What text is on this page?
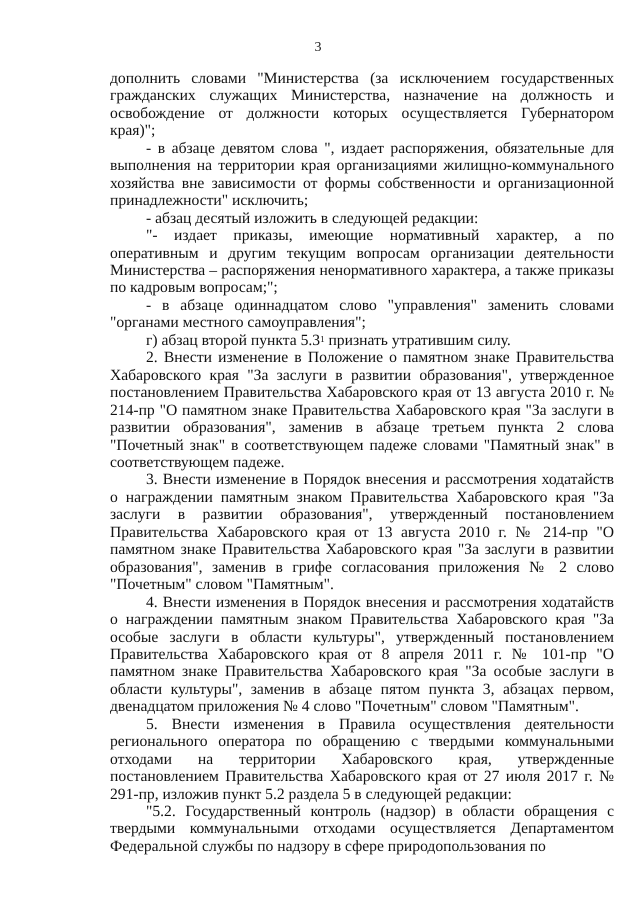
3

дополнить словами "Министерства (за исключением государственных гражданских служащих Министерства, назначение на должность и освобождение от должности которых осуществляется Губернатором края)";

- в абзаце девятом слова ", издает распоряжения, обязательные для выполнения на территории края организациями жилищно-коммунального хозяйства вне зависимости от формы собственности и организационной принадлежности" исключить;

- абзац десятый изложить в следующей редакции:

"- издает приказы, имеющие нормативный характер, а по оперативным и другим текущим вопросам организации деятельности Министерства – распоряжения ненормативного характера, а также приказы по кадровым вопросам;";

- в абзаце одиннадцатом слово "управления" заменить словами "органами местного самоуправления";

г) абзац второй пункта $5.3^1$ признать утратившим силу.

2. Внести изменение в Положение о памятном знаке Правительства Хабаровского края "За заслуги в развитии образования", утвержденное постановлением Правительства Хабаровского края от 13 августа 2010 г. № 214-пр "О памятном знаке Правительства Хабаровского края "За заслуги в развитии образования", заменив в абзаце третьем пункта 2 слова "Почетный знак" в соответствующем падеже словами "Памятный знак" в соответствующем падеже.

3. Внести изменение в Порядок внесения и рассмотрения ходатайств о награждении памятным знаком Правительства Хабаровского края "За заслуги в развитии образования", утвержденный постановлением Правительства Хабаровского края от 13 августа 2010 г. № 214-пр "О памятном знаке Правительства Хабаровского края "За заслуги в развитии образования", заменив в грифе согласования приложения № 2 слово "Почетным" словом "Памятным".

4. Внести изменения в Порядок внесения и рассмотрения ходатайств о награждении памятным знаком Правительства Хабаровского края "За особые заслуги в области культуры", утвержденный постановлением Правительства Хабаровского края от 8 апреля 2011 г. № 101-пр "О памятном знаке Правительства Хабаровского края "За особые заслуги в области культуры", заменив в абзаце пятом пункта 3, абзацах первом, двенадцатом приложения № 4 слово "Почетным" словом "Памятным".

5. Внести изменения в Правила осуществления деятельности регионального оператора по обращению с твердыми коммунальными отходами на территории Хабаровского края, утвержденные постановлением Правительства Хабаровского края от 27 июля 2017 г. № 291-пр, изложив пункт 5.2 раздела 5 в следующей редакции:

"5.2. Государственный контроль (надзор) в области обращения с твердыми коммунальными отходами осуществляется Департаментом Федеральной службы по надзору в сфере природопользования по
